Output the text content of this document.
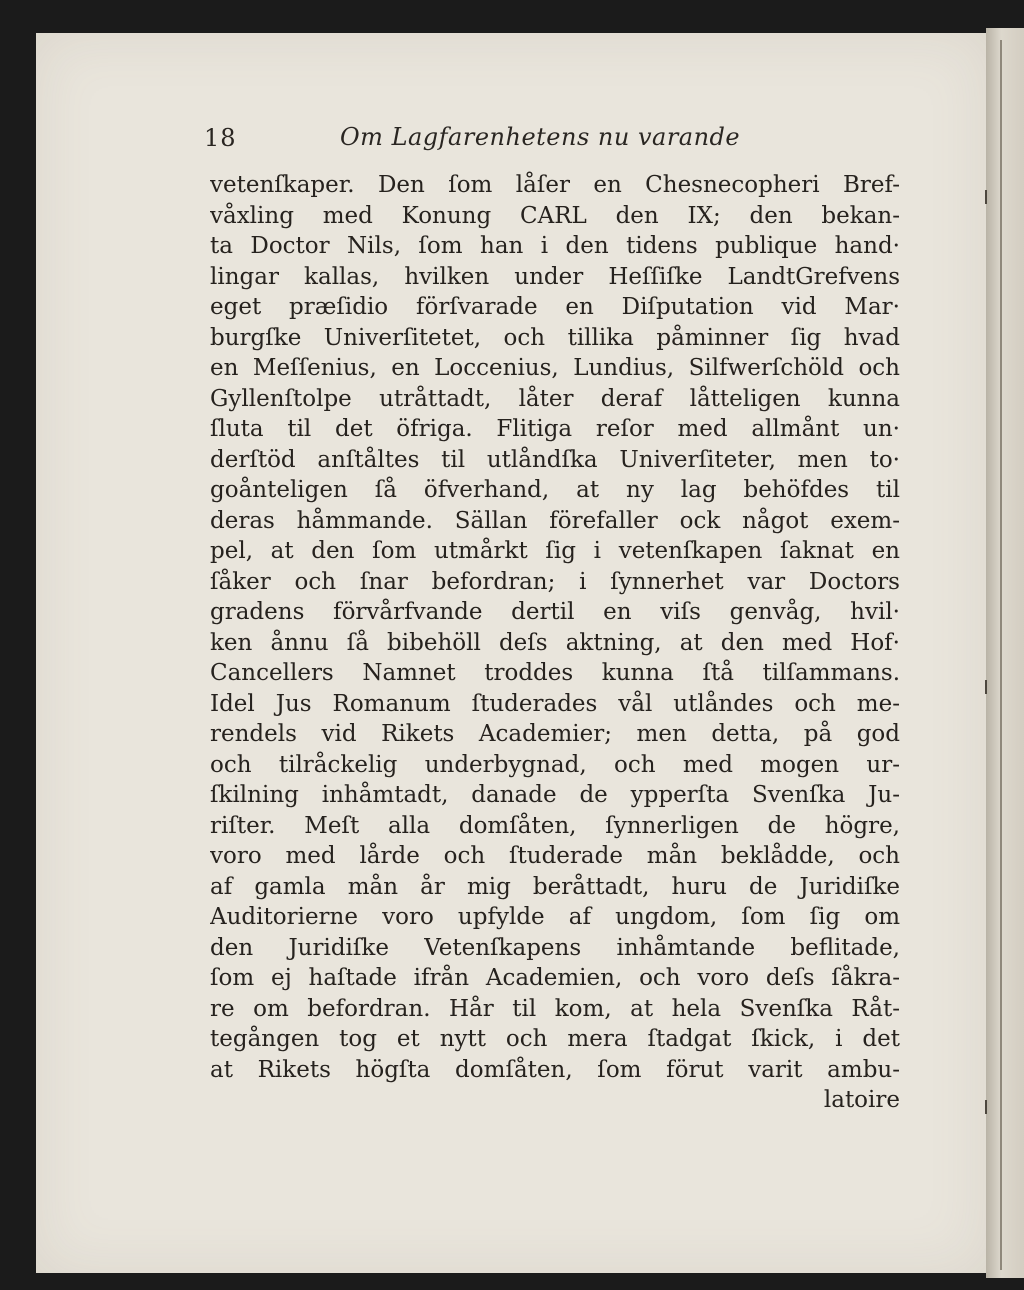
18	Om Lagfarenhetens nu varande
vetenſkaper. Den ſom låſer en Chesnecopheri Bref-
våxling med Konung CARL den IX; den bekan-
ta Doctor Nils, ſom han i den tidens publique hand·
lingar kallas, hvilken under Heſſiſke LandtGrefvens
eget præſidio förſvarade en Diſputation vid Mar·
burgſke Univerſitetet, och tillika påminner ſig hvad
en Meſſenius, en Loccenius, Lundius, Silfwerſchöld och
Gyllenſtolpe utråttadt, låter deraf låtteligen kunna
ſluta til det öfriga. Flitiga reſor med allmånt un·
derſtöd anſtåltes til utlåndſka Univerſiteter, men to·
goånteligen ſå öfverhand, at ny lag behöfdes til
deras håmmande. Sällan förefaller ock något exem-
pel, at den ſom utmårkt ſig i vetenſkapen ſaknat en
ſåker och ſnar befordran; i ſynnerhet var Doctors
gradens förvårfvande dertil en viſs genvåg, hvil·
ken ånnu ſå bibehöll deſs aktning, at den med Hof·
Cancellers Namnet troddes kunna ſtå tilſammans.
Idel Jus Romanum ſtuderades vål utlåndes och me-
rendels vid Rikets Academier; men detta, på god
och tilråckelig underbygnad, och med mogen ur-
ſkilning inhåmtadt, danade de ypperſta Svenſka Ju-
riſter. Meſt alla domſåten, ſynnerligen de högre,
voro med lårde och ſtuderade mån beklådde, och
af gamla mån år mig beråttadt, huru de Juridiſke
Auditorierne voro upfylde af ungdom, ſom ſig om
den Juridiſke Vetenſkapens inhåmtande beflitade,
ſom ej haſtade ifrån Academien, och voro deſs ſåkra-
re om befordran. Hår til kom, at hela Svenſka Råt-
tegången tog et nytt och mera ſtadgat ſkick, i det
at Rikets högſta domſåten, ſom förut varit ambu-
latoire
